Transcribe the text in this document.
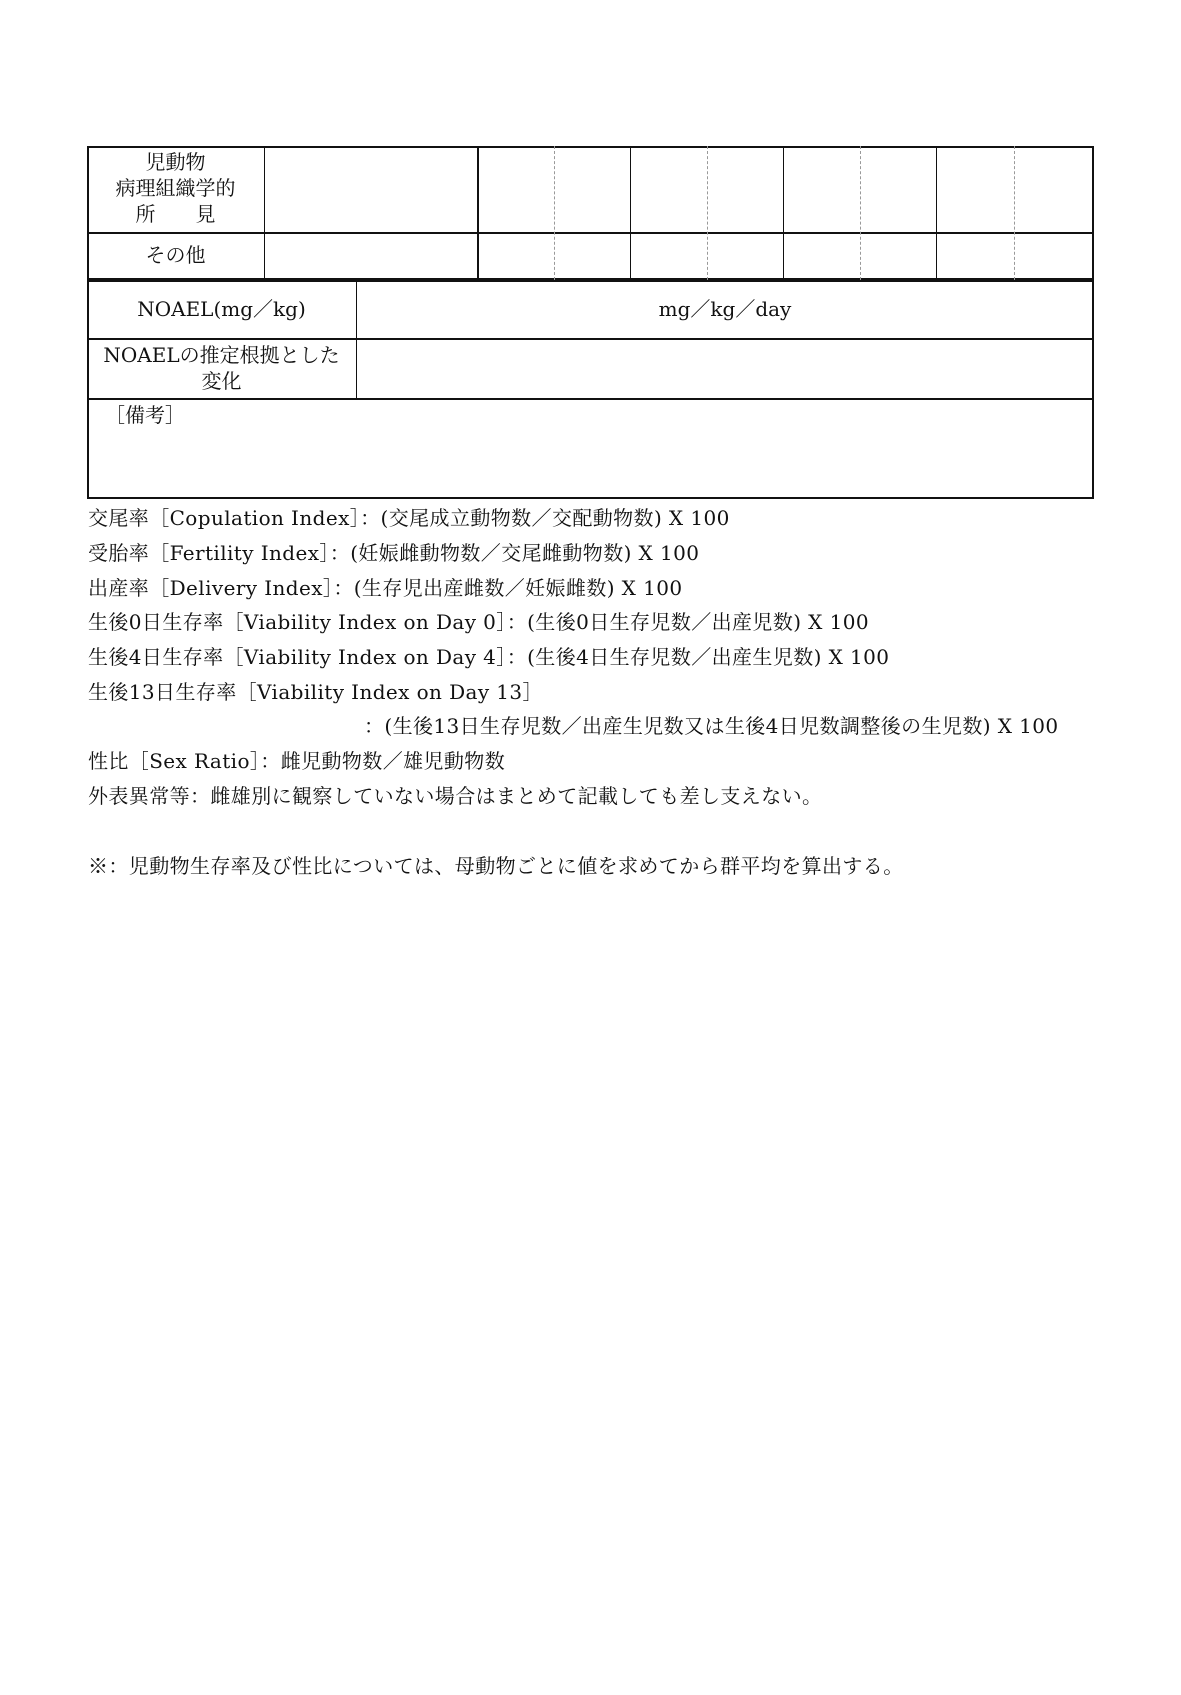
児動物
病理組織学的
所　　見
その他
NOAEL(mg／kg)	mg／kg／day
NOAELの推定根拠とした
変化
［備考］
交尾率［Copulation Index］：(交尾成立動物数／交配動物数) X 100
受胎率［Fertility Index］：(妊娠雌動物数／交尾雌動物数) X 100
出産率［Delivery Index］：(生存児出産雌数／妊娠雌数) X 100
生後0日生存率［Viability Index on Day 0］：(生後0日生存児数／出産児数) X 100
生後4日生存率［Viability Index on Day 4］：(生後4日生存児数／出産生児数) X 100
生後13日生存率［Viability Index on Day 13］
：(生後13日生存児数／出産生児数又は生後4日児数調整後の生児数) X 100
性比［Sex Ratio］：雌児動物数／雄児動物数
外表異常等：雌雄別に観察していない場合はまとめて記載しても差し支えない。
※：児動物生存率及び性比については、母動物ごとに値を求めてから群平均を算出する。
